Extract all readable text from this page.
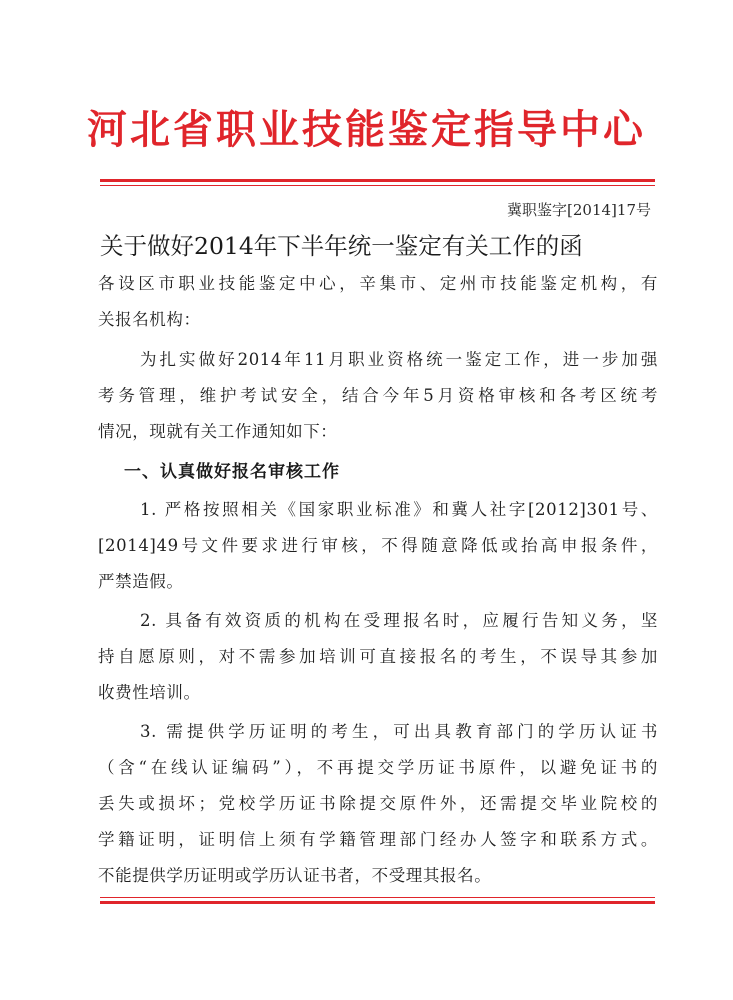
河北省职业技能鉴定指导中心
冀职鉴字[2014]17号
关于做好2014年下半年统一鉴定有关工作的函
各设区市职业技能鉴定中心，辛集市、定州市技能鉴定机构，有
关报名机构：
为扎实做好2014年11月职业资格统一鉴定工作，进一步加强
考务管理，维护考试安全，结合今年5月资格审核和各考区统考
情况，现就有关工作通知如下：
一、认真做好报名审核工作
1. 严格按照相关《国家职业标准》和冀人社字[2012]301号、
[2014]49号文件要求进行审核，不得随意降低或抬高申报条件，
严禁造假。
2. 具备有效资质的机构在受理报名时，应履行告知义务，坚
持自愿原则，对不需参加培训可直接报名的考生，不误导其参加
收费性培训。
3. 需提供学历证明的考生，可出具教育部门的学历认证书
（含“在线认证编码”），不再提交学历证书原件，以避免证书的
丢失或损坏；党校学历证书除提交原件外，还需提交毕业院校的
学籍证明，证明信上须有学籍管理部门经办人签字和联系方式。
不能提供学历证明或学历认证书者，不受理其报名。
